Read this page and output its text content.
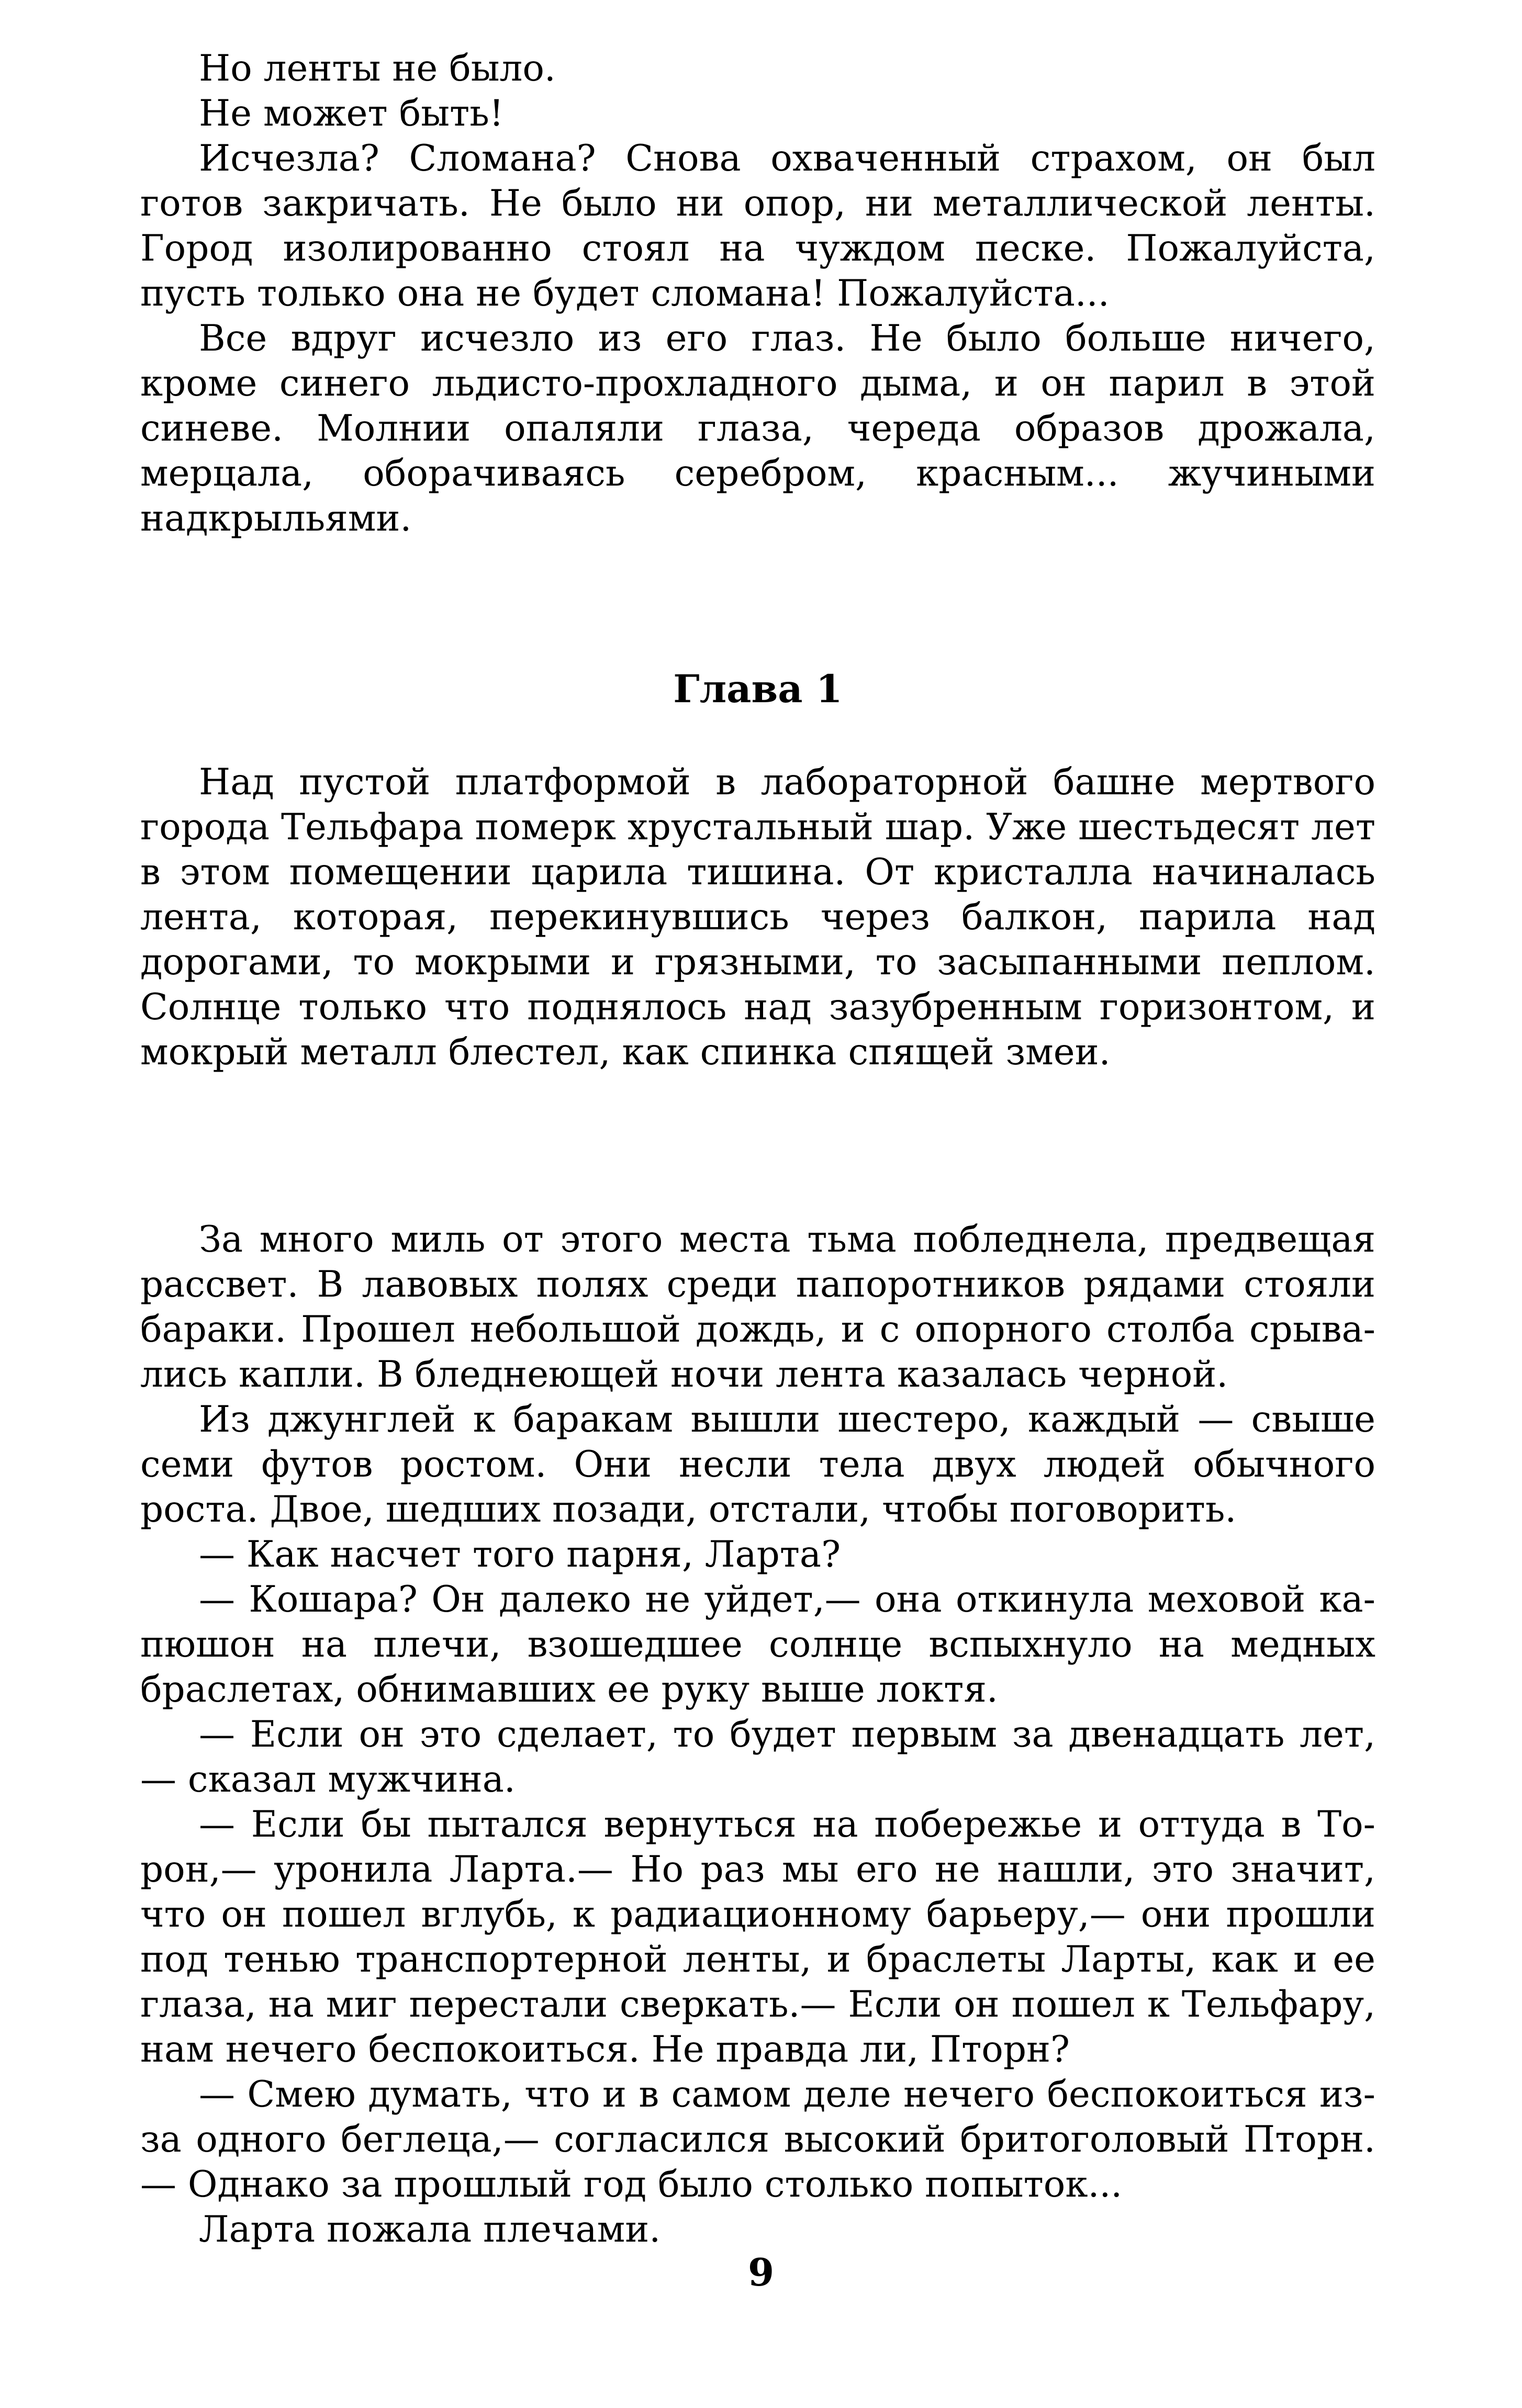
Но ленты не было.

Не может быть!

Исчезла? Сломана? Снова охваченный страхом, он был готов закричать. Не было ни опор, ни металлической ленты. Город изолированно стоял на чуждом песке. Пожалуйста, пусть только она не будет сломана! Пожалуйста...

Все вдруг исчезло из его глаз. Не было больше ничего, кроме синего льдисто-прохладного дыма, и он парил в этой синеве. Молнии опаляли глаза, череда образов дрожала, мерцала, оборачиваясь серебром, красным... жучиными надкрыльями.

Глава 1

Над пустой платформой в лабораторной башне мертвого города Тельфара померк хрустальный шар. Уже шестьдесят лет в этом помещении царила тишина. От кристалла начиналась лента, которая, перекинувшись через балкон, парила над дорогами, то мокрыми и грязными, то засыпанными пеплом. Солнце только что поднялось над зазубренным горизонтом, и мокрый металл блестел, как спинка спящей змеи.

За много миль от этого места тьма побледнела, предвещая рассвет. В лавовых полях среди папоротников рядами стояли бараки. Прошел небольшой дождь, и с опорного столба срывались капли. В бледнеющей ночи лента казалась черной.

Из джунглей к баракам вышли шестеро, каждый — свыше семи футов ростом. Они несли тела двух людей обычного роста. Двое, шедших позади, отстали, чтобы поговорить.

— Как насчет того парня, Ларта?

— Кошара? Он далеко не уйдет,— она откинула меховой капюшон на плечи, взошедшее солнце вспыхнуло на медных браслетах, обнимавших ее руку выше локтя.

— Если он это сделает, то будет первым за двенадцать лет,— сказал мужчина.

— Если бы пытался вернуться на побережье и оттуда в Торон,— уронила Ларта.— Но раз мы его не нашли, это значит, что он пошел вглубь, к радиационному барьеру,— они прошли под тенью транспортерной ленты, и браслеты Ларты, как и ее глаза, на миг перестали сверкать.— Если он пошел к Тельфару, нам нечего беспокоиться. Не правда ли, Пторн?

— Смею думать, что и в самом деле нечего беспокоиться из-за одного беглеца,— согласился высокий бритоголовый Пторн.— Однако за прошлый год было столько попыток...

Ларта пожала плечами.

9
